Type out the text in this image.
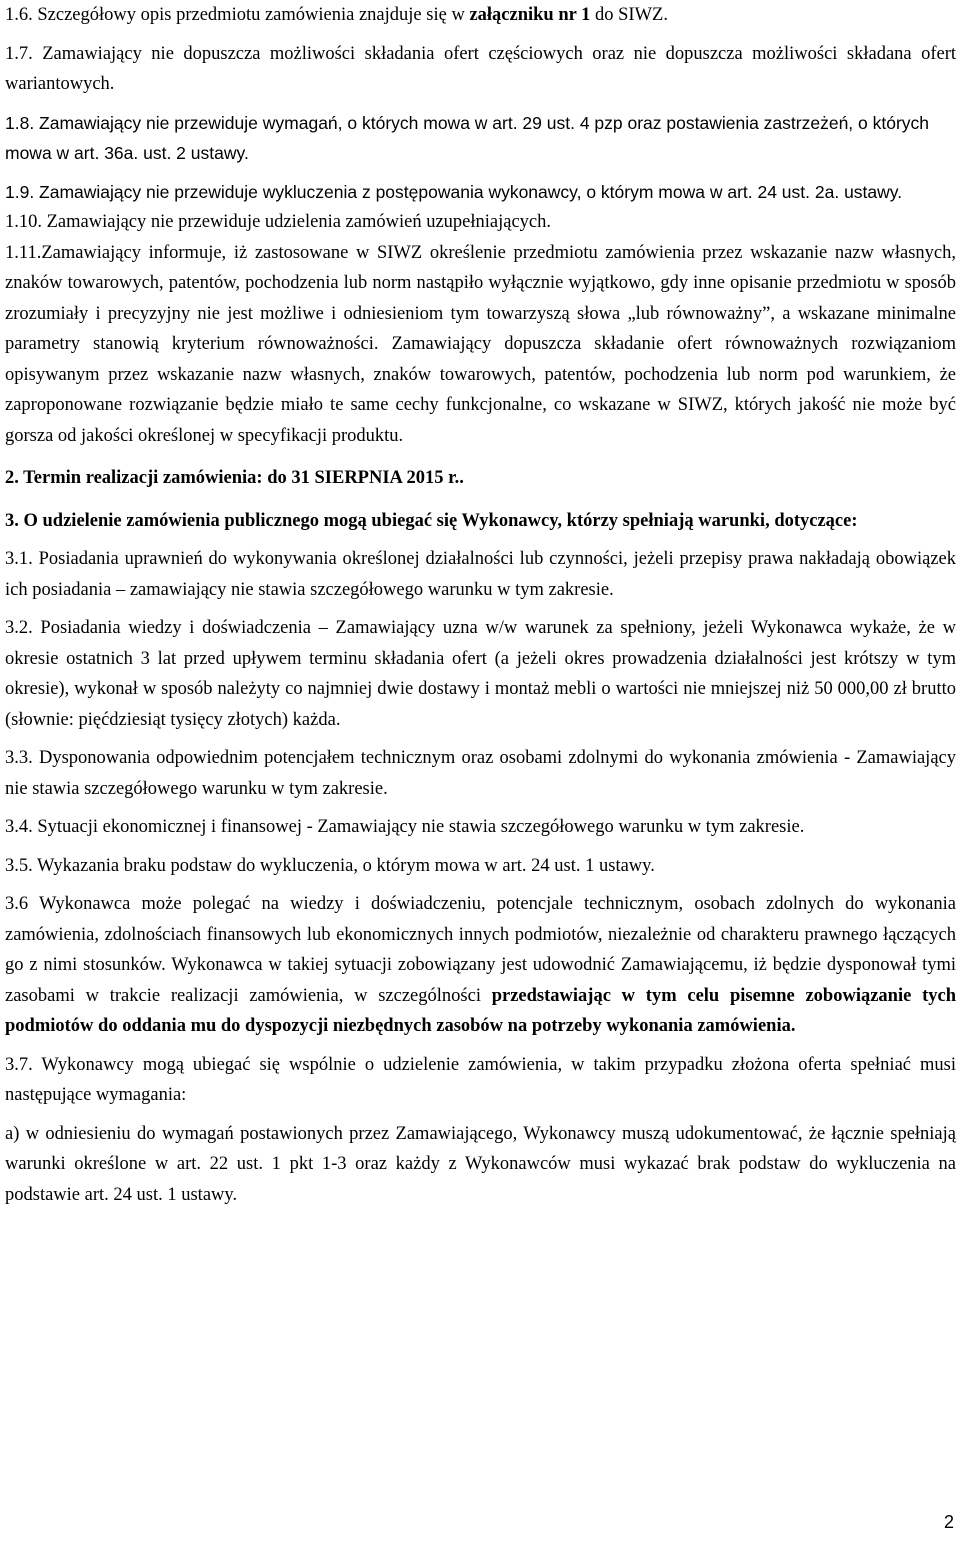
1.6. Szczegółowy opis przedmiotu zamówienia znajduje się w załączniku nr 1 do SIWZ.

1.7. Zamawiający nie dopuszcza możliwości składania ofert częściowych oraz nie dopuszcza możliwości składana ofert wariantowych.

1.8. Zamawiający nie przewiduje wymagań, o których mowa w art. 29 ust. 4 pzp oraz postawienia zastrzeżeń, o których mowa w art. 36a. ust. 2 ustawy.

1.9. Zamawiający nie przewiduje wykluczenia z postępowania wykonawcy, o którym mowa w art. 24 ust. 2a. ustawy.

1.10. Zamawiający nie przewiduje udzielenia zamówień uzupełniających.

1.11.Zamawiający informuje, iż zastosowane w SIWZ określenie przedmiotu zamówienia przez wskazanie nazw własnych, znaków towarowych, patentów, pochodzenia lub norm nastąpiło wyłącznie wyjątkowo, gdy inne opisanie przedmiotu w sposób zrozumiały i precyzyjny nie jest możliwe i odniesieniom tym towarzyszą słowa „lub równoważny”, a wskazane minimalne parametry stanowią kryterium równoważności. Zamawiający dopuszcza składanie ofert równoważnych rozwiązaniom opisywanym przez wskazanie nazw własnych, znaków towarowych, patentów, pochodzenia lub norm pod warunkiem, że zaproponowane rozwiązanie będzie miało te same cechy funkcjonalne, co wskazane w SIWZ, których jakość nie może być gorsza od jakości określonej w specyfikacji produktu.

2. Termin realizacji zamówienia: do 31 SIERPNIA 2015 r..

3. O udzielenie zamówienia publicznego mogą ubiegać się Wykonawcy, którzy spełniają warunki, dotyczące:

3.1. Posiadania uprawnień do wykonywania określonej działalności lub czynności, jeżeli przepisy prawa nakładają obowiązek ich posiadania – zamawiający nie stawia szczegółowego warunku w tym zakresie.

3.2. Posiadania wiedzy i doświadczenia – Zamawiający uzna w/w warunek za spełniony, jeżeli Wykonawca wykaże, że w okresie ostatnich 3 lat przed upływem terminu składania ofert (a jeżeli okres prowadzenia działalności jest krótszy w tym okresie), wykonał w sposób należyty co najmniej dwie dostawy i montaż mebli o wartości nie mniejszej niż 50 000,00 zł brutto (słownie: pięćdziesiąt tysięcy złotych) każda.

3.3. Dysponowania odpowiednim potencjałem technicznym oraz osobami zdolnymi do wykonania zmówienia - Zamawiający nie stawia szczegółowego warunku w tym zakresie.

3.4. Sytuacji ekonomicznej i finansowej - Zamawiający nie stawia szczegółowego warunku w tym zakresie.

3.5. Wykazania braku podstaw do wykluczenia, o którym mowa w art. 24 ust. 1 ustawy.

3.6 Wykonawca może polegać na wiedzy i doświadczeniu, potencjale technicznym, osobach zdolnych do wykonania zamówienia, zdolnościach finansowych lub ekonomicznych innych podmiotów, niezależnie od charakteru prawnego łączących go z nimi stosunków. Wykonawca w takiej sytuacji zobowiązany jest udowodnić Zamawiającemu, iż będzie dysponował tymi zasobami w trakcie realizacji zamówienia, w szczególności przedstawiając w tym celu pisemne zobowiązanie tych podmiotów do oddania mu do dyspozycji niezbędnych zasobów na potrzeby wykonania zamówienia.

3.7. Wykonawcy mogą ubiegać się wspólnie o udzielenie zamówienia, w takim przypadku złożona oferta spełniać musi następujące wymagania:

a) w odniesieniu do wymagań postawionych przez Zamawiającego, Wykonawcy muszą udokumentować, że łącznie spełniają warunki określone w art. 22 ust. 1 pkt 1-3 oraz każdy z Wykonawców musi wykazać brak podstaw do wykluczenia na podstawie art. 24 ust. 1 ustawy.

2
